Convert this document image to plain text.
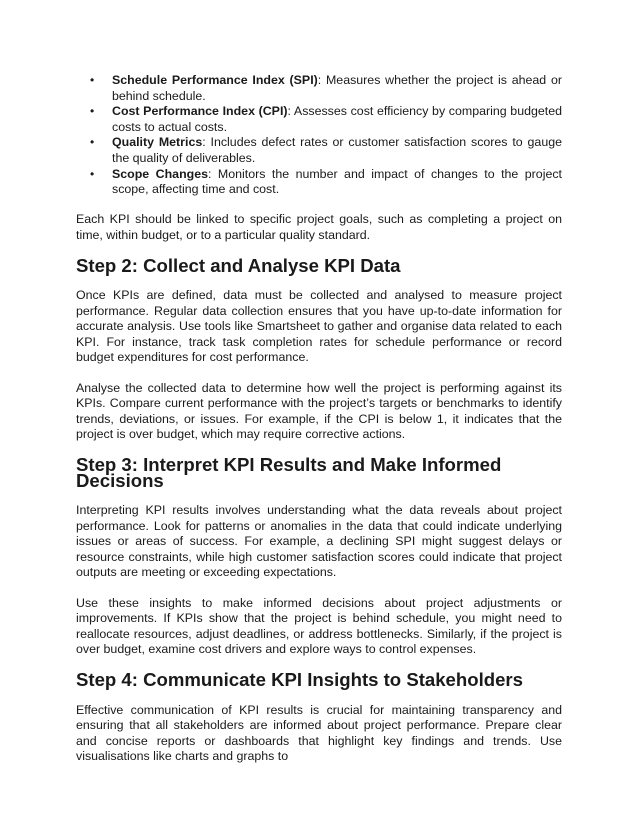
• Schedule Performance Index (SPI): Measures whether the project is ahead or behind schedule.
• Cost Performance Index (CPI): Assesses cost efficiency by comparing budgeted costs to actual costs.
• Quality Metrics: Includes defect rates or customer satisfaction scores to gauge the quality of deliverables.
• Scope Changes: Monitors the number and impact of changes to the project scope, affecting time and cost.

Each KPI should be linked to specific project goals, such as completing a project on time, within budget, or to a particular quality standard.

Step 2: Collect and Analyse KPI Data

Once KPIs are defined, data must be collected and analysed to measure project performance. Regular data collection ensures that you have up-to-date information for accurate analysis. Use tools like Smartsheet to gather and organise data related to each KPI. For instance, track task completion rates for schedule performance or record budget expenditures for cost performance.

Analyse the collected data to determine how well the project is performing against its KPIs. Compare current performance with the project’s targets or benchmarks to identify trends, deviations, or issues. For example, if the CPI is below 1, it indicates that the project is over budget, which may require corrective actions.

Step 3: Interpret KPI Results and Make Informed Decisions

Interpreting KPI results involves understanding what the data reveals about project performance. Look for patterns or anomalies in the data that could indicate underlying issues or areas of success. For example, a declining SPI might suggest delays or resource constraints, while high customer satisfaction scores could indicate that project outputs are meeting or exceeding expectations.

Use these insights to make informed decisions about project adjustments or improvements. If KPIs show that the project is behind schedule, you might need to reallocate resources, adjust deadlines, or address bottlenecks. Similarly, if the project is over budget, examine cost drivers and explore ways to control expenses.

Step 4: Communicate KPI Insights to Stakeholders

Effective communication of KPI results is crucial for maintaining transparency and ensuring that all stakeholders are informed about project performance. Prepare clear and concise reports or dashboards that highlight key findings and trends. Use visualisations like charts and graphs to
